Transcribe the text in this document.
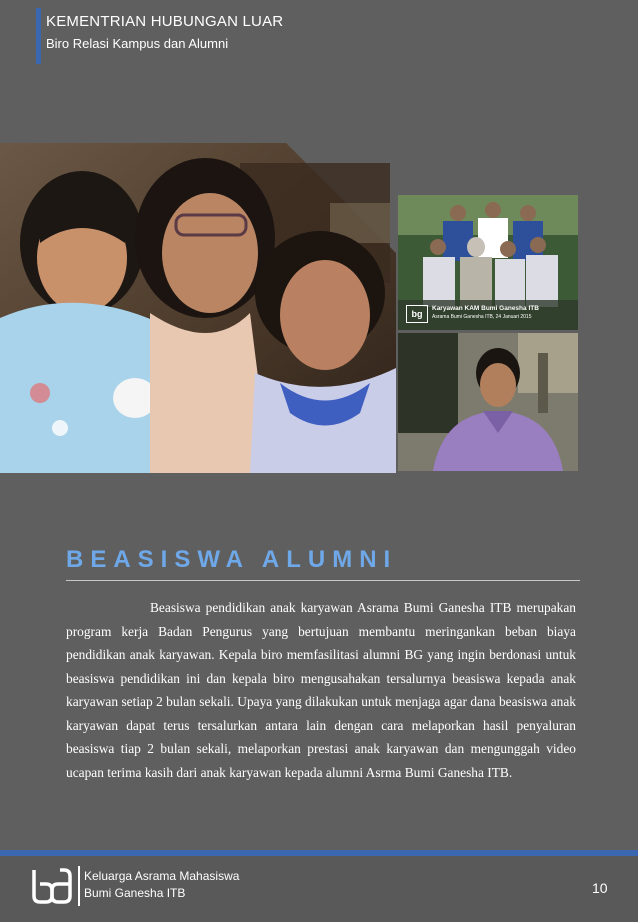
KEMENTRIAN HUBUNGAN LUAR
Biro Relasi Kampus dan Alumni
Karyawan KAM Bumi Ganesha ITB
Asrama Bumi Ganesha ITB, 24 Januari 2015
bg
BEASISWA ALUMNI

Beasiswa pendidikan anak karyawan Asrama Bumi Ganesha ITB merupakan program kerja Badan Pengurus yang bertujuan membantu meringankan beban biaya pendidikan anak karyawan. Kepala biro memfasilitasi alumni BG yang ingin berdonasi untuk beasiswa pendidikan ini dan kepala biro mengusahakan tersalurnya beasiswa kepada anak karyawan setiap 2 bulan sekali. Upaya yang dilakukan untuk menjaga agar dana beasiswa anak karyawan dapat terus tersalurkan antara lain dengan cara melaporkan hasil penyaluran beasiswa tiap 2 bulan sekali, melaporkan prestasi anak karyawan dan mengunggah video ucapan terima kasih dari anak karyawan kepada alumni Asrma Bumi Ganesha ITB.

Keluarga Asrama Mahasiswa
Bumi Ganesha ITB	10
